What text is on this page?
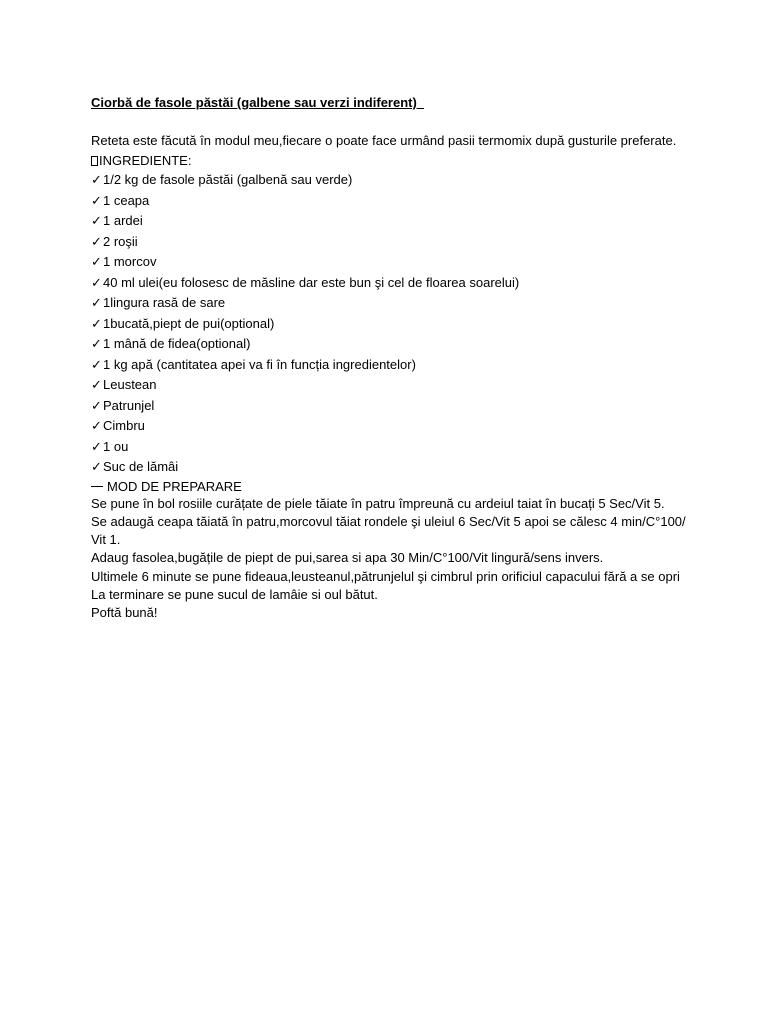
Ciorbă de fasole păstăi (galbene sau verzi indiferent)

Reteta este făcută în modul meu,fiecare o poate face urmând pasii termomix după gusturile preferate.

INGREDIENTE:

✓1/2 kg de fasole păstăi (galbenă sau verde)
✓1 ceapa
✓1 ardei
✓2 roşii
✓1 morcov
✓40 ml ulei(eu folosesc de măsline dar este bun şi cel de floarea soarelui)
✓1lingura rasă de sare
✓1bucată,piept de pui(optional)
✓1 mână de fidea(optional)
✓1 kg apă (cantitatea apei va fi în funcția ingredientelor)
✓Leustean
✓Patrunjel
✓Cimbru
✓1 ou
✓Suc de lămâi

MOD DE PREPARARE

Se pune în bol rosiile curățate de piele tăiate în patru împreună cu ardeiul taiat în bucați 5 Sec/Vit 5.

Se adaugă ceapa tăiată în patru,morcovul tăiat rondele şi uleiul 6 Sec/Vit 5 apoi se călesc 4 min/C°100/ Vit 1.

Adaug fasolea,bugățile de piept de pui,sarea si apa 30 Min/C°100/Vit lingură/sens invers.

Ultimele 6 minute se pune fideaua,leusteanul,pătrunjelul şi cimbrul prin orificiul capacului fără a se opri

La terminare se pune sucul de lamâie si oul bătut.

Poftă bună!
